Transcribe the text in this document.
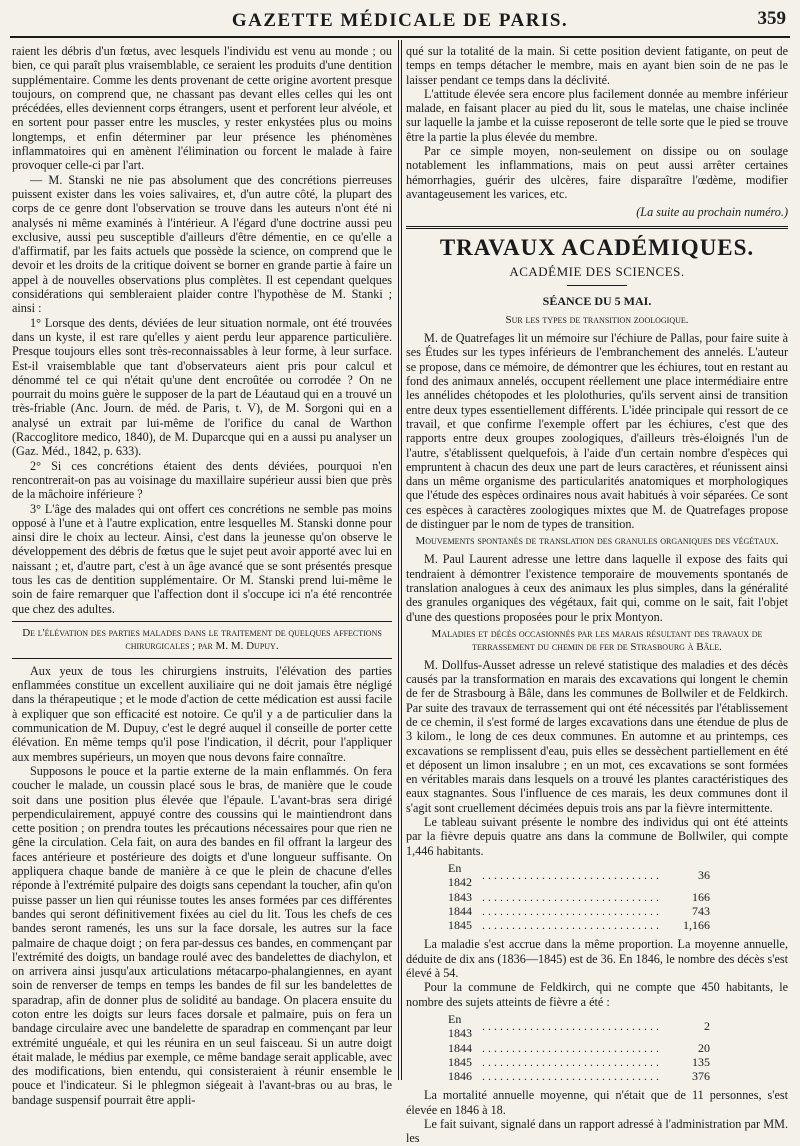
GAZETTE MÉDICALE DE PARIS.	359

raient les débris d'un fœtus, avec lesquels l'individu est venu au monde ; ou bien, ce qui paraît plus vraisemblable, ce seraient les produits d'une dentition supplémentaire. Comme les dents provenant de cette origine avortent presque toujours, on comprend que, ne chassant pas devant elles celles qui les ont précédées, elles deviennent corps étrangers, usent et perforent leur alvéole, et en sortent pour passer entre les muscles, y rester enkystées plus ou moins longtemps, et enfin déterminer par leur présence les phénomènes inflammatoires qui en amènent l'élimination ou forcent le malade à faire provoquer celle-ci par l'art.

— M. Stanski ne nie pas absolument que des concrétions pierreuses puissent exister dans les voies salivaires, et, d'un autre côté, la plupart des corps de ce genre dont l'observation se trouve dans les auteurs n'ont été ni analysés ni même examinés à l'intérieur. A l'égard d'une doctrine aussi peu exclusive, aussi peu susceptible d'ailleurs d'être démentie, en ce qu'elle a d'affirmatif, par les faits actuels que possède la science, on comprend que le devoir et les droits de la critique doivent se borner en grande partie à faire un appel à de nouvelles observations plus complètes. Il est cependant quelques considérations qui sembleraient plaider contre l'hypothèse de M. Stanki ; ainsi :

1° Lorsque des dents, déviées de leur situation normale, ont été trouvées dans un kyste, il est rare qu'elles y aient perdu leur apparence particulière. Presque toujours elles sont très-reconnaissables à leur forme, à leur surface. Est-il vraisemblable que tant d'observateurs aient pris pour calcul et dénommé tel ce qui n'était qu'une dent encroûtée ou corrodée ? On ne pourrait du moins guère le supposer de la part de Léautaud qui en a trouvé un très-friable (Anc. Journ. de méd. de Paris, t. V), de M. Sorgoni qui en a analysé un extrait par lui-même de l'orifice du canal de Warthon (Raccoglitore medico, 1840), de M. Duparcque qui en a aussi pu analyser un (Gaz. Méd., 1842, p. 633).

2° Si ces concrétions étaient des dents déviées, pourquoi n'en rencontrerait-on pas au voisinage du maxillaire supérieur aussi bien que près de la mâchoire inférieure ?

3° L'âge des malades qui ont offert ces concrétions ne semble pas moins opposé à l'une et à l'autre explication, entre lesquelles M. Stanski donne pour ainsi dire le choix au lecteur. Ainsi, c'est dans la jeunesse qu'on observe le développement des débris de fœtus que le sujet peut avoir apporté avec lui en naissant ; et, d'autre part, c'est à un âge avancé que se sont présentés presque tous les cas de dentition supplémentaire. Or M. Stanski prend lui-même le soin de faire remarquer que l'affection dont il s'occupe ici n'a été rencontrée que chez des adultes.

De l'élévation des parties malades dans le traitement de quelques affections chirurgicales ; par M. M. Dupuy.

Aux yeux de tous les chirurgiens instruits, l'élévation des parties enflammées constitue un excellent auxiliaire qui ne doit jamais être négligé dans la thérapeutique ; et le mode d'action de cette médication est aussi facile à expliquer que son efficacité est notoire. Ce qu'il y a de particulier dans la communication de M. Dupuy, c'est le degré auquel il conseille de porter cette élévation. En même temps qu'il pose l'indication, il décrit, pour l'appliquer aux membres supérieurs, un moyen que nous devons faire connaître.

Supposons le pouce et la partie externe de la main enflammés. On fera coucher le malade, un coussin placé sous le bras, de manière que le coude soit dans une position plus élevée que l'épaule. L'avant-bras sera dirigé perpendiculairement, appuyé contre des coussins qui le maintiendront dans cette position ; on prendra toutes les précautions nécessaires pour que rien ne gêne la circulation. Cela fait, on aura des bandes en fil offrant la largeur des faces antérieure et postérieure des doigts et d'une longueur suffisante. On appliquera chaque bande de manière à ce que le plein de chacune d'elles réponde à l'extrémité pulpaire des doigts sans cependant la toucher, afin qu'on puisse passer un lien qui réunisse toutes les anses formées par ces différentes bandes qui seront définitivement fixées au ciel du lit. Tous les chefs de ces bandes seront ramenés, les uns sur la face dorsale, les autres sur la face palmaire de chaque doigt ; on fera par-dessus ces bandes, en commençant par l'extrémité des doigts, un bandage roulé avec des bandelettes de diachylon, et on arrivera ainsi jusqu'aux articulations métacarpo-phalangiennes, en ayant soin de renverser de temps en temps les bandes de fil sur les bandelettes de sparadrap, afin de donner plus de solidité au bandage. On placera ensuite du coton entre les doigts sur leurs faces dorsale et palmaire, puis on fera un bandage circulaire avec une bandelette de sparadrap en commençant par leur extrémité unguéale, et qui les réunira en un seul faisceau. Si un autre doigt était malade, le médius par exemple, ce même bandage serait applicable, avec des modifications, bien entendu, qui consisteraient à réunir ensemble le pouce et l'indicateur. Si le phlegmon siégeait à l'avant-bras ou au bras, le bandage suspensif pourrait être appli-

qué sur la totalité de la main. Si cette position devient fatigante, on peut de temps en temps détacher le membre, mais en ayant bien soin de ne pas le laisser pendant ce temps dans la déclivité.

L'attitude élevée sera encore plus facilement donnée au membre inférieur malade, en faisant placer au pied du lit, sous le matelas, une chaise inclinée sur laquelle la jambe et la cuisse reposeront de telle sorte que le pied se trouve être la partie la plus élevée du membre.

Par ce simple moyen, non-seulement on dissipe ou on soulage notablement les inflammations, mais on peut aussi arrêter certaines hémorrhagies, guérir des ulcères, faire disparaître l'œdème, modifier avantageusement les varices, etc.

(La suite au prochain numéro.)
TRAVAUX ACADÉMIQUES.
ACADÉMIE DES SCIENCES.
SÉANCE DU 5 MAI.
Sur les types de transition zoologique.

M. de Quatrefages lit un mémoire sur l'échiure de Pallas, pour faire suite à ses Études sur les types inférieurs de l'embranchement des annelés. L'auteur se propose, dans ce mémoire, de démontrer que les échiures, tout en restant au fond des animaux annelés, occupent réellement une place intermédiaire entre les annélides chétopodes et les plolothuries, qu'ils servent ainsi de transition entre deux types essentiellement différents. L'idée principale qui ressort de ce travail, et que confirme l'exemple offert par les échiures, c'est que des rapports entre deux groupes zoologiques, d'ailleurs très-éloignés l'un de l'autre, s'établissent quelquefois, à l'aide d'un certain nombre d'espèces qui empruntent à chacun des deux une part de leurs caractères, et réunissent ainsi dans un même organisme des particularités anatomiques et morphologiques que l'étude des espèces ordinaires nous avait habitués à voir séparées. Ce sont ces espèces à caractères zoologiques mixtes que M. de Quatrefages propose de distinguer par le nom de types de transition.

Mouvements spontanés de translation des granules organiques des végétaux.

M. Paul Laurent adresse une lettre dans laquelle il expose des faits qui tendraient à démontrer l'existence temporaire de mouvements spontanés de translation analogues à ceux des animaux les plus simples, dans la généralité des granules organiques des végétaux, fait qui, comme on le sait, fait l'objet d'une des questions proposées pour le prix Montyon.

Maladies et décès occasionnés par les marais résultant des travaux de terrassement du chemin de fer de Strasbourg à Bâle.

M. Dollfus-Ausset adresse un relevé statistique des maladies et des décès causés par la transformation en marais des excavations qui longent le chemin de fer de Strasbourg à Bâle, dans les communes de Bollwiler et de Feldkirch. Par suite des travaux de terrassement qui ont été nécessités par l'établissement de ce chemin, il s'est formé de larges excavations dans une étendue de plus de 3 kilom., le long de ces deux communes. En automne et au printemps, ces excavations se remplissent d'eau, puis elles se dessèchent partiellement en été et déposent un limon insalubre ; en un mot, ces excavations se sont formées en véritables marais dans lesquels on a trouvé les plantes caractéristiques des eaux stagnantes. Sous l'influence de ces marais, les deux communes dont il s'agit sont cruellement décimées depuis trois ans par la fièvre intermittente.

Le tableau suivant présente le nombre des individus qui ont été atteints par la fièvre depuis quatre ans dans la commune de Bollwiler, qui compte 1,446 habitants.

En 1842	. . . . . . . . . . . . . . . . . . . . . . . . . . . . . .	36
1843	. . . . . . . . . . . . . . . . . . . . . . . . . . . . . .	166
1844	. . . . . . . . . . . . . . . . . . . . . . . . . . . . . .	743
1845	. . . . . . . . . . . . . . . . . . . . . . . . . . . . . .	1,166

La maladie s'est accrue dans la même proportion. La moyenne annuelle, déduite de dix ans (1836—1845) est de 36. En 1846, le nombre des décès s'est élevé à 54.

Pour la commune de Feldkirch, qui ne compte que 450 habitants, le nombre des sujets atteints de fièvre a été :

En 1843	. . . . . . . . . . . . . . . . . . . . . . . . . . . . . .	2
1844	. . . . . . . . . . . . . . . . . . . . . . . . . . . . . .	20
1845	. . . . . . . . . . . . . . . . . . . . . . . . . . . . . .	135
1846	. . . . . . . . . . . . . . . . . . . . . . . . . . . . . .	376

La mortalité annuelle moyenne, qui n'était que de 11 personnes, s'est élevée en 1846 à 18.

Le fait suivant, signalé dans un rapport adressé à l'administration par MM. les
